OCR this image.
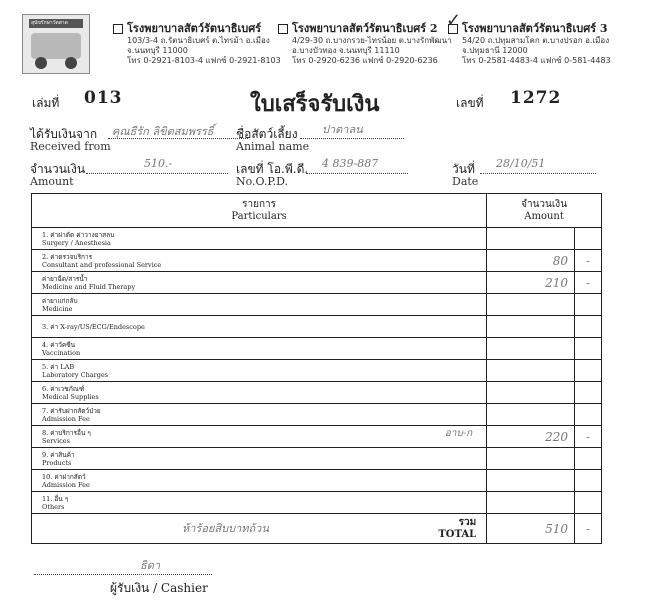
สุนัขรักษาวัดสาด	โรงพยาบาลสัตว์รัตนาธิเบศร์
103/3-4 ถ.รัตนาธิเบศร์ ต.ไทรม้า อ.เมือง
จ.นนทบุรี 11000
โทร 0-2921-8103-4 แฟกซ์ 0-2921-8103
โรงพยาบาลสัตว์รัตนาธิเบศร์ 2
4/29-30 ถ.บางกรวย-ไทรน้อย ต.บางรักพัฒนา
อ.บางบัวทอง จ.นนทบุรี 11110
โทร 0-2920-6236 แฟกซ์ 0-2920-6236
โรงพยาบาลสัตว์รัตนาธิเบศร์ 3
54/20 ถ.ปทุมสามโคก ต.บางปรอก อ.เมือง
จ.ปทุมธานี 12000
โทร 0-2581-4483-4 แฟกซ์ 0-581-4483
✓
เล่มที่ 013	ใบเสร็จรับเงิน	เลขที่ 1272
ได้รับเงินจาก
Received from
คุณธีรัก ลิขิตสมพรรธิ์ ชื่อสัตว์เลี้ยง
Animal name
ปาตาลน
จำนวนเงิน
Amount
510.-	เลขที่ โอ.พี.ดี.
No.O.P.D.
4 839-887	วันที่
Date
28/10/51
รายการ
Particulars	จำนวนเงิน
Amount	
1. ค่าผ่าตัด ค่าวางยาสลบ
Surgery / Anesthesia		
2. ค่าตรวจบริการ
Consultant and professional Service	80	-
ค่ายาฉีด/สารน้ำ
Medicine and Fluid Therapy	210	-
ค่ายาแก่กลับ
Medicine		
3. ค่า X-ray/US/ECG/Endescope

4. ค่าวัคซีน
Vaccination		
5. ค่า LAB
Laboratory Charges		
6. ค่าเวชภัณฑ์
Medical Supplies		
7. ค่ารับฝากสัตว์ป่วย
Admission Fee		
8. ค่าบริการอื่น ๆ
Services
อาบ-ก	220	-
9. ค่าสินค้า
Products		
10. ค่าฝากสัตว์
Admission Fee		
11. อื่น ๆ
Others		

ห้าร้อยสิบบาทถ้วน รวม
TOTAL	510	-
ธิดา
ผู้รับเงิน / Cashier
